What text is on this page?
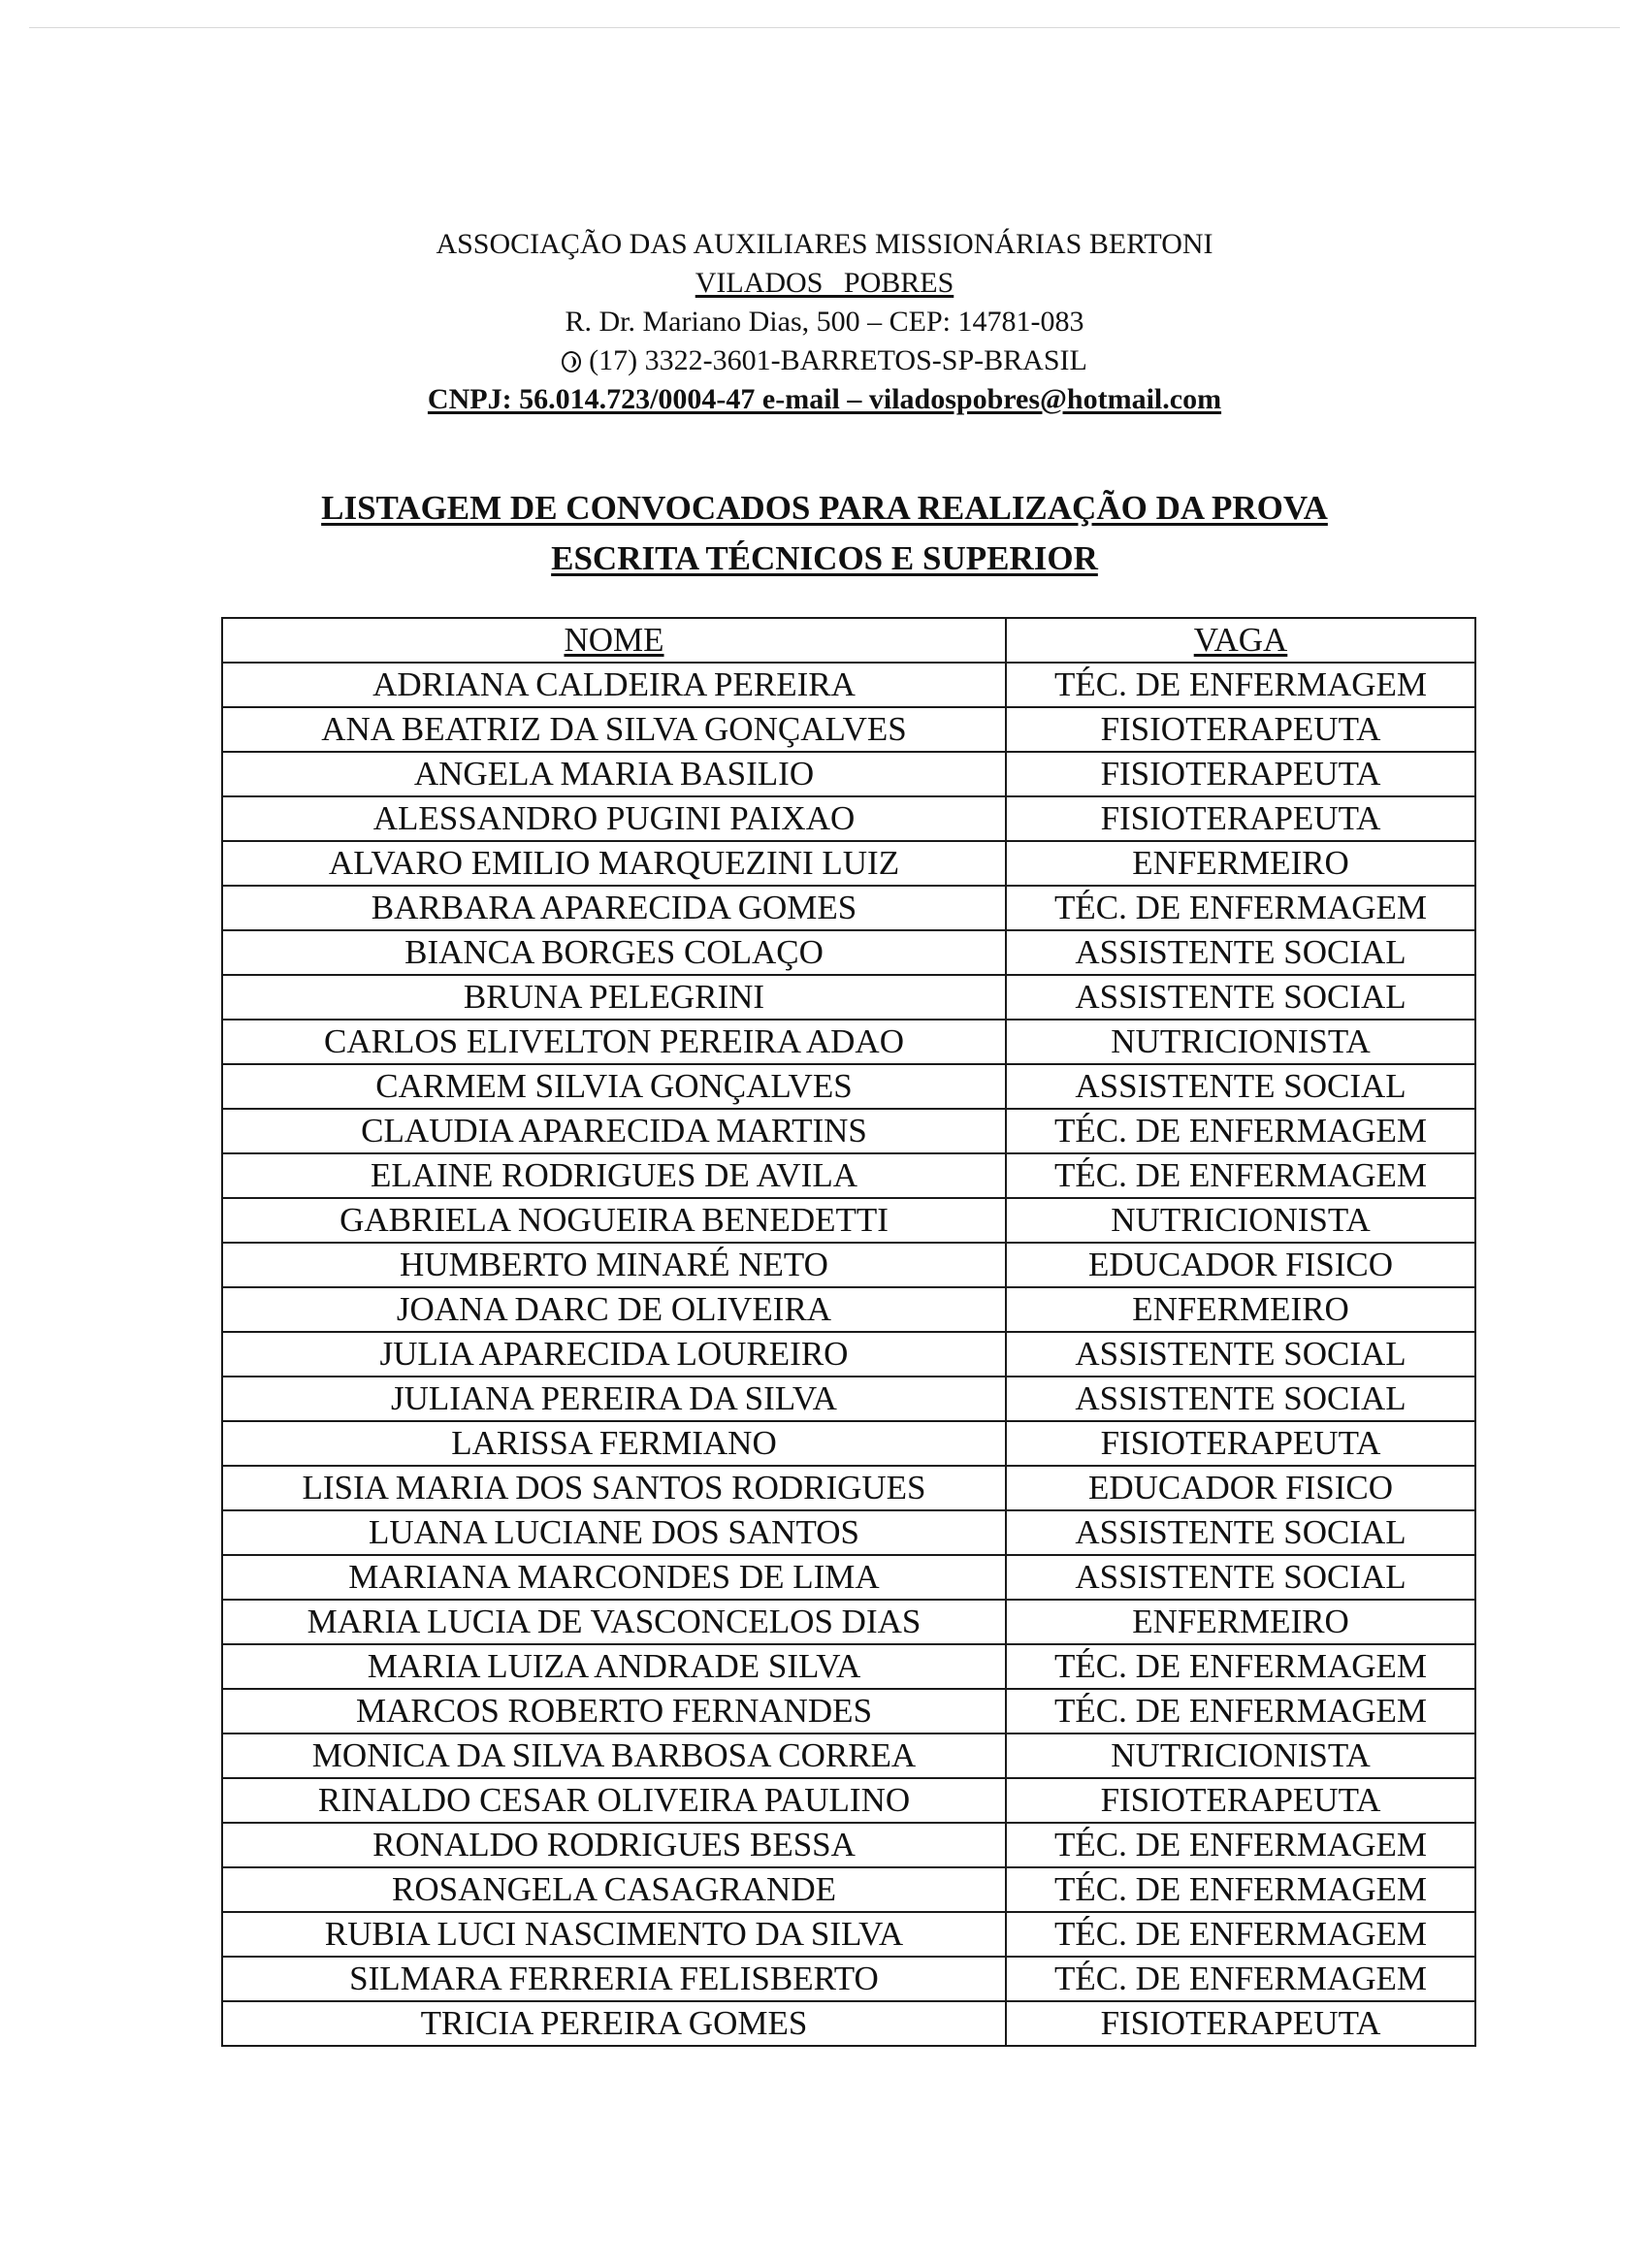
ASSOCIAÇÃO DAS AUXILIARES MISSIONÁRIAS BERTONI
VILADOS POBRES
R. Dr. Mariano Dias, 500 – CEP: 14781-083
(17) 3322-3601-BARRETOS-SP-BRASIL
CNPJ: 56.014.723/0004-47 e-mail – viladospobres@hotmail.com
LISTAGEM DE CONVOCADOS PARA REALIZAÇÃO DA PROVA
ESCRITA TÉCNICOS E SUPERIOR
NOME	VAGA
ADRIANA CALDEIRA PEREIRA	TÉC. DE ENFERMAGEM
ANA BEATRIZ DA SILVA GONÇALVES	FISIOTERAPEUTA
ANGELA MARIA BASILIO	FISIOTERAPEUTA
ALESSANDRO PUGINI PAIXAO	FISIOTERAPEUTA
ALVARO EMILIO MARQUEZINI LUIZ	ENFERMEIRO
BARBARA APARECIDA GOMES	TÉC. DE ENFERMAGEM
BIANCA BORGES COLAÇO	ASSISTENTE SOCIAL
BRUNA PELEGRINI	ASSISTENTE SOCIAL
CARLOS ELIVELTON PEREIRA ADAO	NUTRICIONISTA
CARMEM SILVIA GONÇALVES	ASSISTENTE SOCIAL
CLAUDIA APARECIDA MARTINS	TÉC. DE ENFERMAGEM
ELAINE RODRIGUES DE AVILA	TÉC. DE ENFERMAGEM
GABRIELA NOGUEIRA BENEDETTI	NUTRICIONISTA
HUMBERTO MINARÉ NETO	EDUCADOR FISICO
JOANA DARC DE OLIVEIRA	ENFERMEIRO
JULIA APARECIDA LOUREIRO	ASSISTENTE SOCIAL
JULIANA PEREIRA DA SILVA	ASSISTENTE SOCIAL
LARISSA FERMIANO	FISIOTERAPEUTA
LISIA MARIA DOS SANTOS RODRIGUES	EDUCADOR FISICO
LUANA LUCIANE DOS SANTOS	ASSISTENTE SOCIAL
MARIANA MARCONDES DE LIMA	ASSISTENTE SOCIAL
MARIA LUCIA DE VASCONCELOS DIAS	ENFERMEIRO
MARIA LUIZA ANDRADE SILVA	TÉC. DE ENFERMAGEM
MARCOS ROBERTO FERNANDES	TÉC. DE ENFERMAGEM
MONICA DA SILVA BARBOSA CORREA	NUTRICIONISTA
RINALDO CESAR OLIVEIRA PAULINO	FISIOTERAPEUTA
RONALDO RODRIGUES BESSA	TÉC. DE ENFERMAGEM
ROSANGELA CASAGRANDE	TÉC. DE ENFERMAGEM
RUBIA LUCI NASCIMENTO DA SILVA	TÉC. DE ENFERMAGEM
SILMARA FERRERIA FELISBERTO	TÉC. DE ENFERMAGEM
TRICIA PEREIRA GOMES	FISIOTERAPEUTA
